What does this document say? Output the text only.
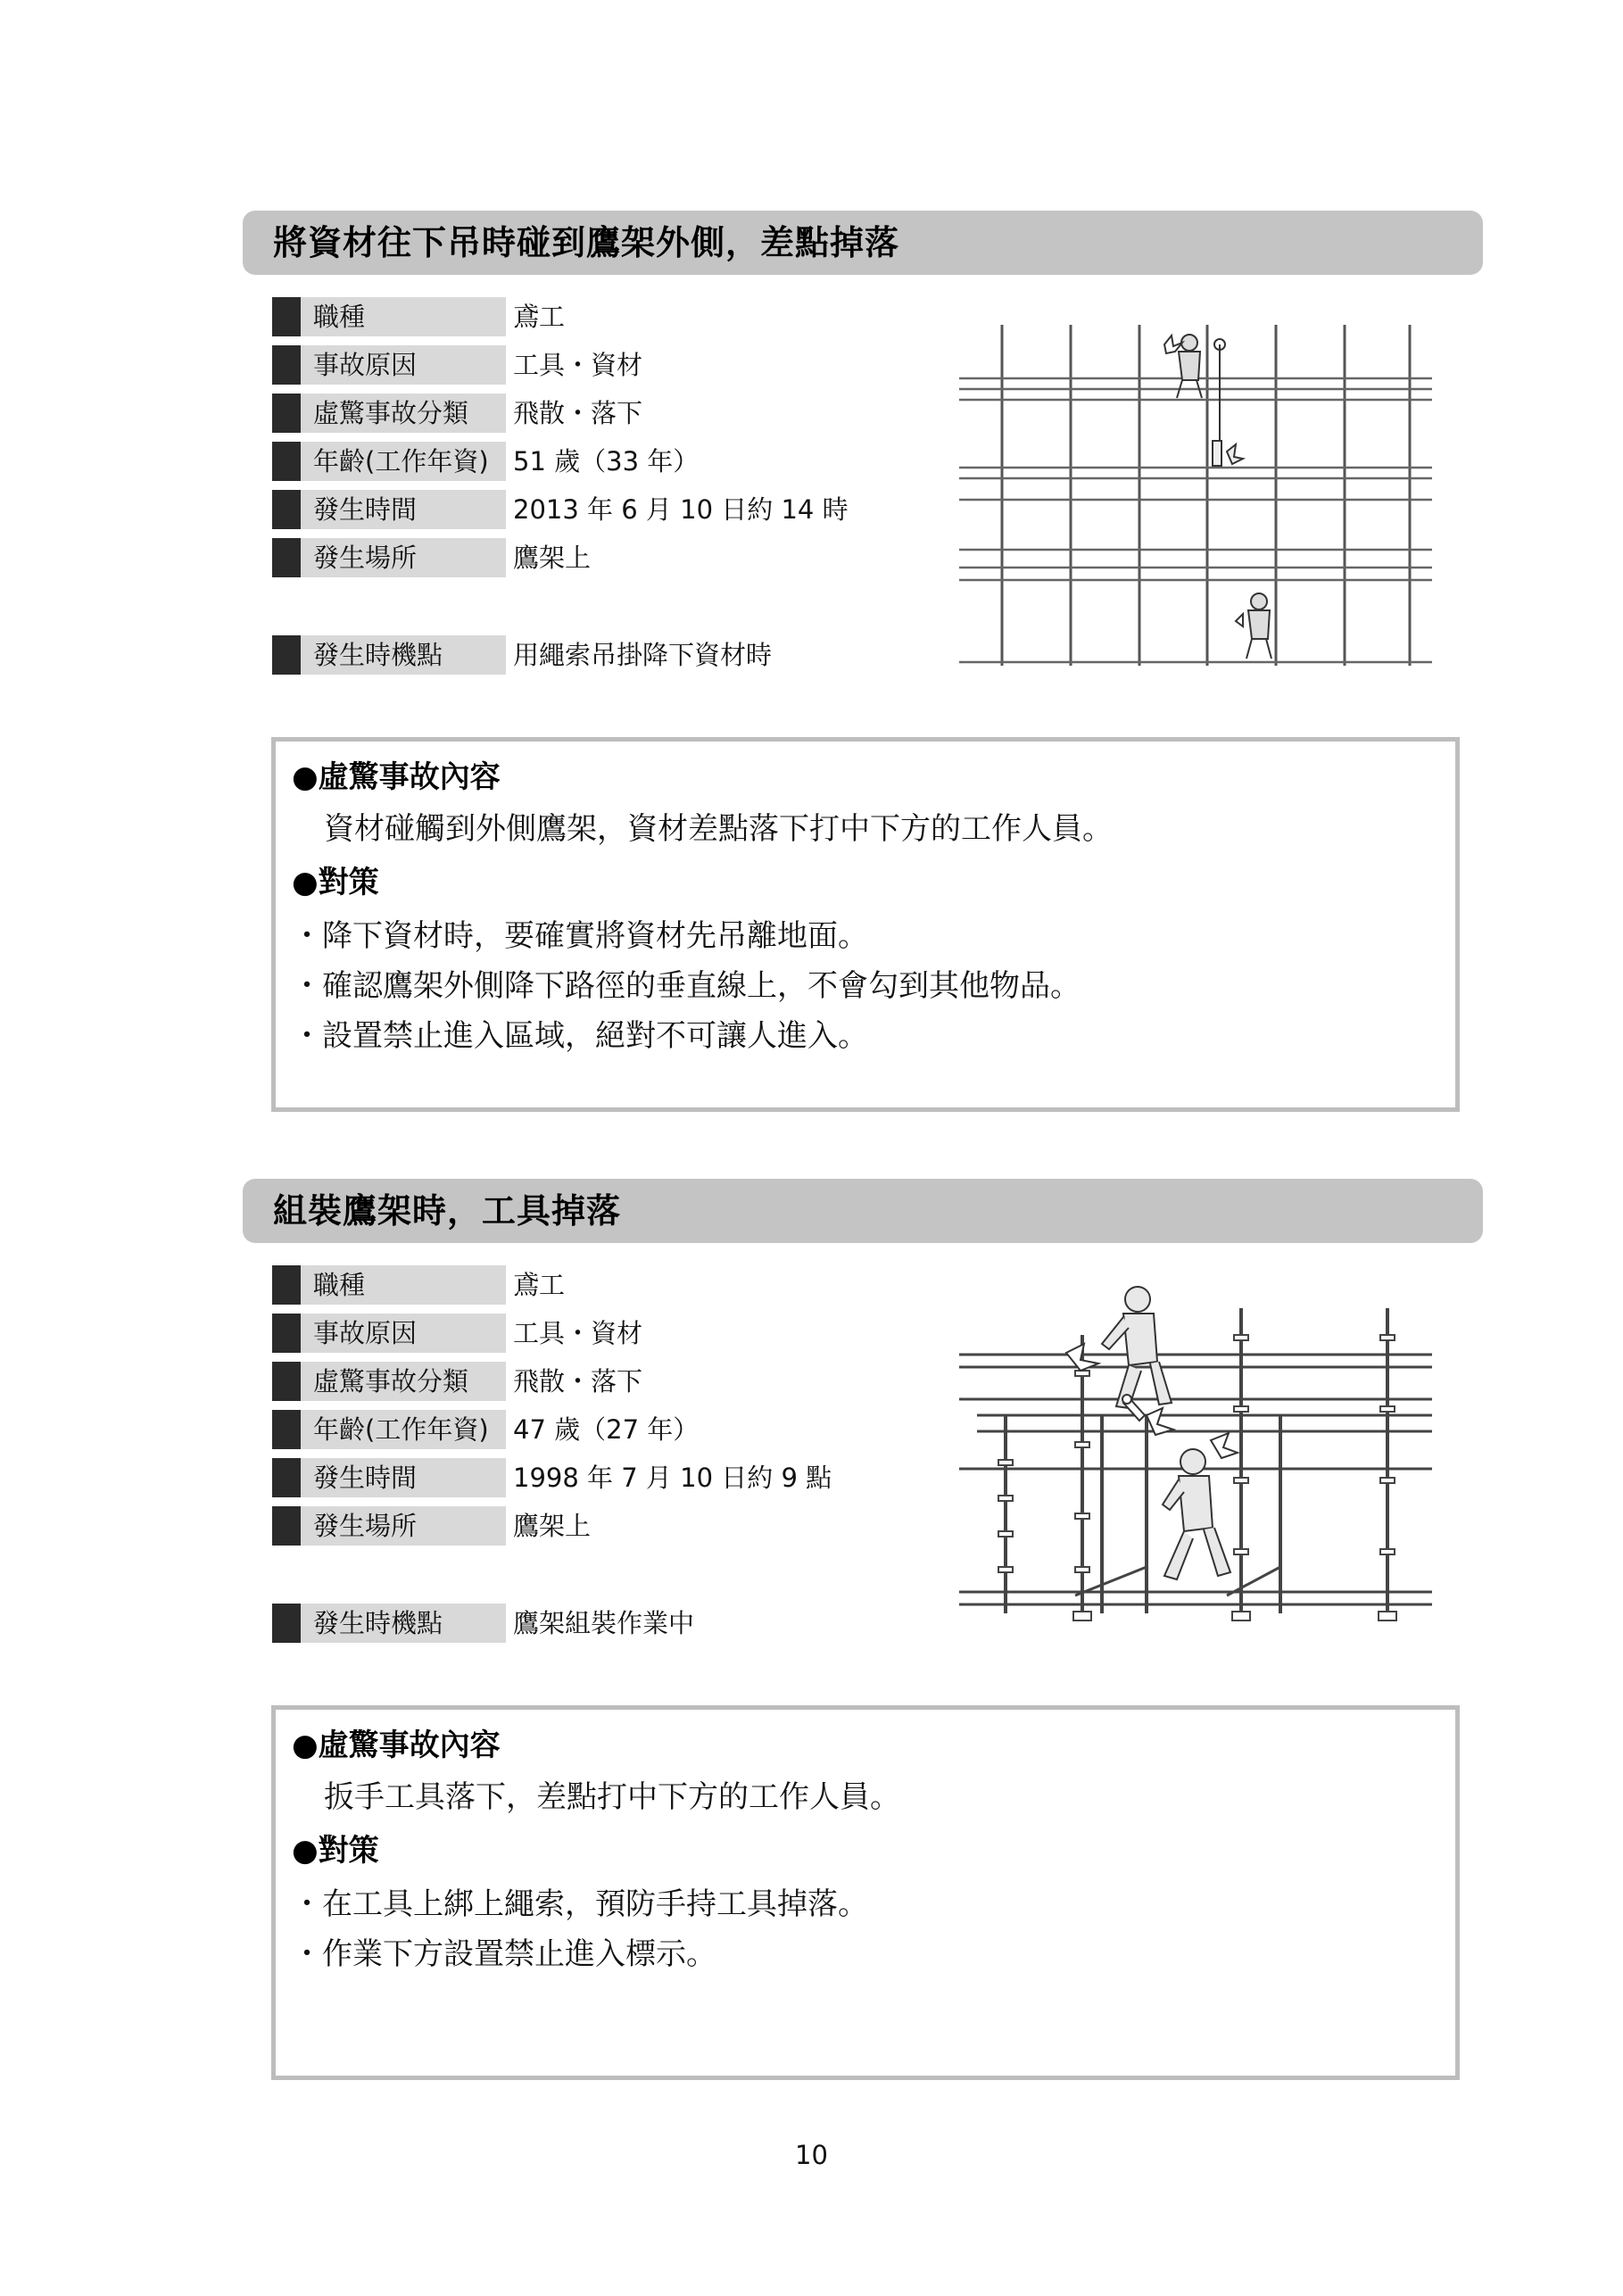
將資材往下吊時碰到鷹架外側，差點掉落
職種	鳶工
事故原因	工具・資材
虛驚事故分類	飛散・落下
年齡(工作年資) 51 歲（33 年）
發生時間	2013 年 6 月 10 日約 14 時
發生場所	鷹架上
發生時機點	用繩索吊掛降下資材時
●虛驚事故內容
資材碰觸到外側鷹架，資材差點落下打中下方的工作人員。
●對策
・降下資材時，要確實將資材先吊離地面。
・確認鷹架外側降下路徑的垂直線上，不會勾到其他物品。
・設置禁止進入區域，絕對不可讓人進入。
組裝鷹架時，工具掉落
職種	鳶工
事故原因	工具・資材
虛驚事故分類	飛散・落下
年齡(工作年資) 47 歲（27 年）
發生時間	1998 年 7 月 10 日約 9 點
發生場所	鷹架上
發生時機點	鷹架組裝作業中
●虛驚事故內容
扳手工具落下，差點打中下方的工作人員。
●對策
・在工具上綁上繩索，預防手持工具掉落。
・作業下方設置禁止進入標示。
10
